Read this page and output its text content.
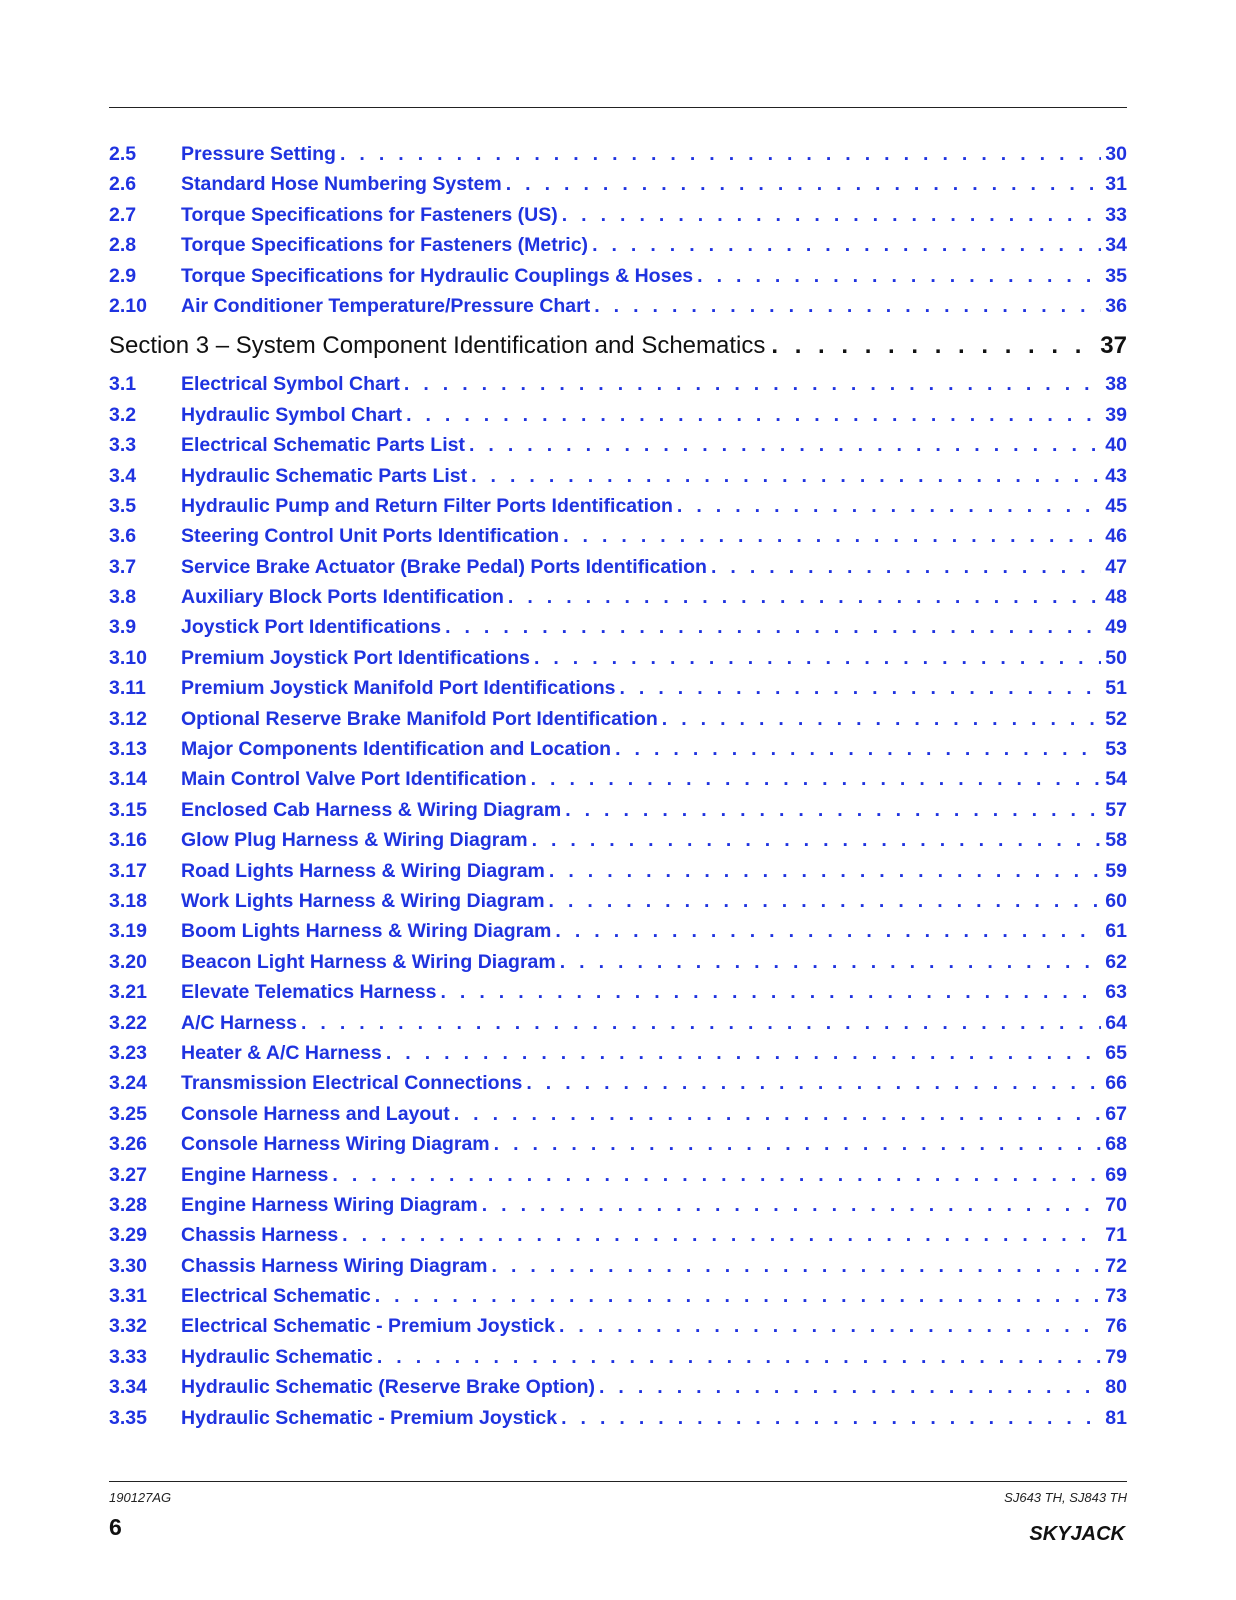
2.5	Pressure Setting . . .	30
2.6	Standard Hose Numbering System . . .	31
2.7	Torque Specifications for Fasteners (US) . . .	33
2.8	Torque Specifications for Fasteners (Metric) . . .	34
2.9	Torque Specifications for Hydraulic Couplings & Hoses . . .	35
2.10	Air Conditioner Temperature/Pressure Chart . . .	36
Section 3 – System Component Identification and Schematics . . .	37
3.1	Electrical Symbol Chart . . .	38
3.2	Hydraulic Symbol Chart . . .	39
3.3	Electrical Schematic Parts List . . .	40
3.4	Hydraulic Schematic Parts List . . .	43
3.5	Hydraulic Pump and Return Filter Ports Identification . . .	45
3.6	Steering Control Unit Ports Identification . . .	46
3.7	Service Brake Actuator (Brake Pedal) Ports Identification . . .	47
3.8	Auxiliary Block Ports Identification . . .	48
3.9	Joystick Port Identifications . . .	49
3.10	Premium Joystick Port Identifications . . .	50
3.11	Premium Joystick Manifold Port Identifications . . .	51
3.12	Optional Reserve Brake Manifold Port Identification . . .	52
3.13	Major Components Identification and Location . . .	53
3.14	Main Control Valve Port Identification . . .	54
3.15	Enclosed Cab Harness & Wiring Diagram . . .	57
3.16	Glow Plug Harness & Wiring Diagram . . .	58
3.17	Road Lights Harness & Wiring Diagram . . .	59
3.18	Work Lights Harness & Wiring Diagram . . .	60
3.19	Boom Lights Harness & Wiring Diagram . . .	61
3.20	Beacon Light Harness & Wiring Diagram . . .	62
3.21	Elevate Telematics Harness . . .	63
3.22	A/C Harness . . .	64
3.23	Heater & A/C Harness . . .	65
3.24	Transmission Electrical Connections . . .	66
3.25	Console Harness and Layout . . .	67
3.26	Console Harness Wiring Diagram . . .	68
3.27	Engine Harness . . .	69
3.28	Engine Harness Wiring Diagram . . .	70
3.29	Chassis Harness . . .	71
3.30	Chassis Harness Wiring Diagram . . .	72
3.31	Electrical Schematic . . .	73
3.32	Electrical Schematic - Premium Joystick . . .	76
3.33	Hydraulic Schematic . . .	79
3.34	Hydraulic Schematic (Reserve Brake Option) . . .	80
3.35	Hydraulic Schematic - Premium Joystick . . .	81
190127AG	SJ643 TH, SJ843 TH
6	SKYJACK
